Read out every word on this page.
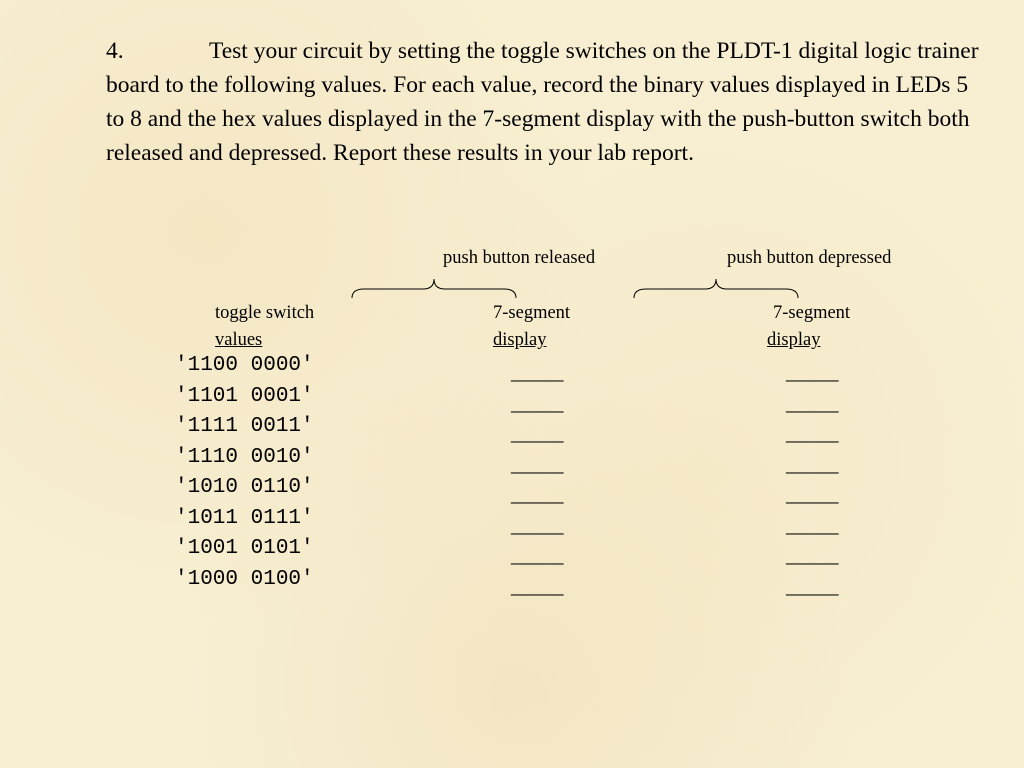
4.	Test your circuit by setting the toggle switches on the PLDT-1 digital logic trainer board to the following values. For each value, record the binary values displayed in LEDs 5 to 8 and the hex values displayed in the 7-segment display with the push-button switch both released and depressed. Report these results in your lab report.

push button released	push button depressed
toggle switch
values
7-segment
display
7-segment
display
'1100 0000'	_____	_____
'1101 0001'	_____	_____
'1111 0011'	_____	_____
'1110 0010'	_____	_____
'1010 0110'	_____	_____
'1011 0111'	_____	_____
'1001 0101'	_____	_____
'1000 0100'	_____	_____
